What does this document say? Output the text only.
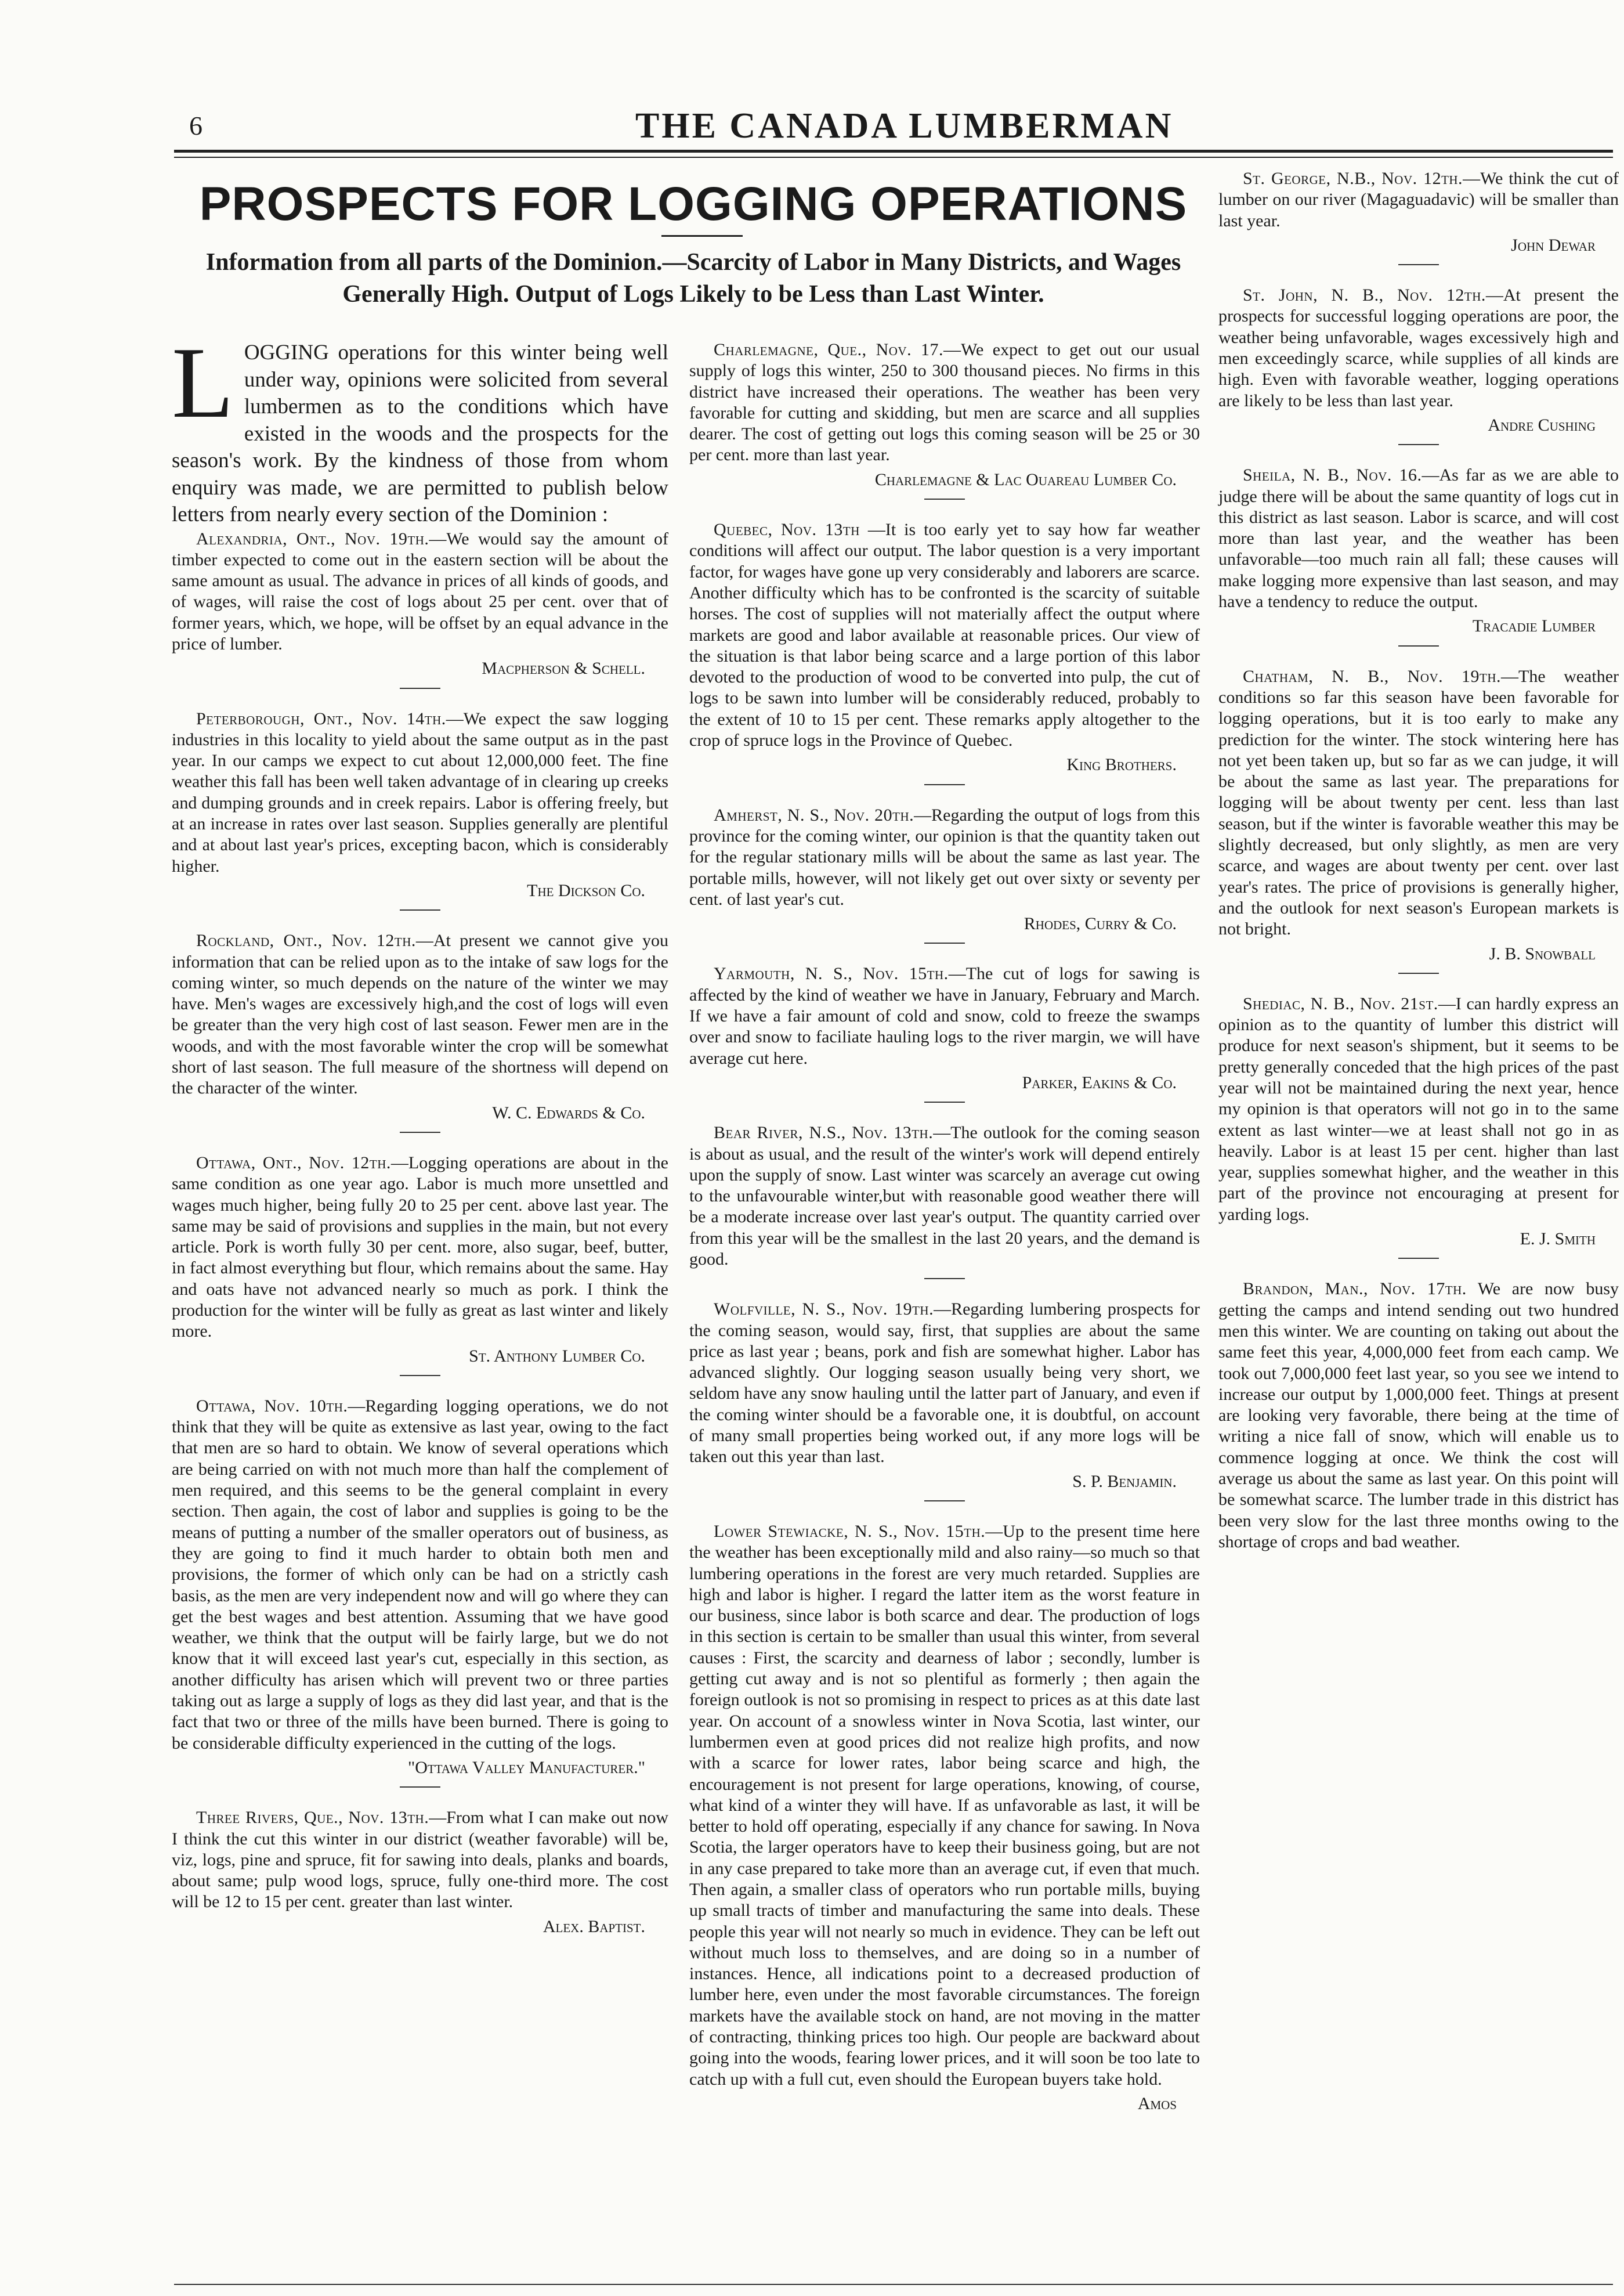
6	THE CANADA LUMBERMAN
PROSPECTS FOR LOGGING OPERATIONS
Information from all parts of the Dominion.—Scarcity of Labor in Many Districts, and Wages Generally High. Output of Logs Likely to be Less than Last Winter.

LOGGING operations for this winter being well under way, opinions were solicited from several lumbermen as to the conditions which have existed in the woods and the prospects for the season's work. By the kindness of those from whom enquiry was made, we are permitted to publish below letters from nearly every section of the Dominion :

Alexandria, Ont., Nov. 19th.—We would say the amount of timber expected to come out in the eastern section will be about the same amount as usual. The advance in prices of all kinds of goods, and of wages, will raise the cost of logs about 25 per cent. over that of former years, which, we hope, will be offset by an equal advance in the price of lumber.

Macpherson & Schell.

Peterborough, Ont., Nov. 14th.—We expect the saw logging industries in this locality to yield about the same output as in the past year. In our camps we expect to cut about 12,000,000 feet. The fine weather this fall has been well taken advantage of in clearing up creeks and dumping grounds and in creek repairs. Labor is offering freely, but at an increase in rates over last season. Supplies generally are plentiful and at about last year's prices, excepting bacon, which is considerably higher.

The Dickson Co.

Rockland, Ont., Nov. 12th.—At present we cannot give you information that can be relied upon as to the intake of saw logs for the coming winter, so much depends on the nature of the winter we may have. Men's wages are excessively high,and the cost of logs will even be greater than the very high cost of last season. Fewer men are in the woods, and with the most favorable winter the crop will be somewhat short of last season. The full measure of the shortness will depend on the character of the winter.

W. C. Edwards & Co.

Ottawa, Ont., Nov. 12th.—Logging operations are about in the same condition as one year ago. Labor is much more unsettled and wages much higher, being fully 20 to 25 per cent. above last year. The same may be said of provisions and supplies in the main, but not every article. Pork is worth fully 30 per cent. more, also sugar, beef, butter, in fact almost everything but flour, which remains about the same. Hay and oats have not advanced nearly so much as pork. I think the production for the winter will be fully as great as last winter and likely more.

St. Anthony Lumber Co.

Ottawa, Nov. 10th.—Regarding logging operations, we do not think that they will be quite as extensive as last year, owing to the fact that men are so hard to obtain. We know of several operations which are being carried on with not much more than half the complement of men required, and this seems to be the general complaint in every section. Then again, the cost of labor and supplies is going to be the means of putting a number of the smaller operators out of business, as they are going to find it much harder to obtain both men and provisions, the former of which only can be had on a strictly cash basis, as the men are very independent now and will go where they can get the best wages and best attention. Assuming that we have good weather, we think that the output will be fairly large, but we do not know that it will exceed last year's cut, especially in this section, as another difficulty has arisen which will prevent two or three parties taking out as large a supply of logs as they did last year, and that is the fact that two or three of the mills have been burned. There is going to be considerable difficulty experienced in the cutting of the logs.

"Ottawa Valley Manufacturer."

Three Rivers, Que., Nov. 13th.—From what I can make out now I think the cut this winter in our district (weather favorable) will be, viz, logs, pine and spruce, fit for sawing into deals, planks and boards, about same; pulp wood logs, spruce, fully one-third more. The cost will be 12 to 15 per cent. greater than last winter.

Alex. Baptist.

Charlemagne, Que., Nov. 17.—We expect to get out our usual supply of logs this winter, 250 to 300 thousand pieces. No firms in this district have increased their operations. The weather has been very favorable for cutting and skidding, but men are scarce and all supplies dearer. The cost of getting out logs this coming season will be 25 or 30 per cent. more than last year.

Charlemagne & Lac Ouareau Lumber Co.

Quebec, Nov. 13th —It is too early yet to say how far weather conditions will affect our output. The labor question is a very important factor, for wages have gone up very considerably and laborers are scarce. Another difficulty which has to be confronted is the scarcity of suitable horses. The cost of supplies will not materially affect the output where markets are good and labor available at reasonable prices. Our view of the situation is that labor being scarce and a large portion of this labor devoted to the production of wood to be converted into pulp, the cut of logs to be sawn into lumber will be considerably reduced, probably to the extent of 10 to 15 per cent. These remarks apply altogether to the crop of spruce logs in the Province of Quebec.

King Brothers.

Amherst, N. S., Nov. 20th.—Regarding the output of logs from this province for the coming winter, our opinion is that the quantity taken out for the regular stationary mills will be about the same as last year. The portable mills, however, will not likely get out over sixty or seventy per cent. of last year's cut.

Rhodes, Curry & Co.

Yarmouth, N. S., Nov. 15th.—The cut of logs for sawing is affected by the kind of weather we have in January, February and March. If we have a fair amount of cold and snow, cold to freeze the swamps over and snow to faciliate hauling logs to the river margin, we will have average cut here.

Parker, Eakins & Co.

Bear River, N.S., Nov. 13th.—The outlook for the coming season is about as usual, and the result of the winter's work will depend entirely upon the supply of snow. Last winter was scarcely an average cut owing to the unfavourable winter,but with reasonable good weather there will be a moderate increase over last year's output. The quantity carried over from this year will be the smallest in the last 20 years, and the demand is good.

Wolfville, N. S., Nov. 19th.—Regarding lumbering prospects for the coming season, would say, first, that supplies are about the same price as last year ; beans, pork and fish are somewhat higher. Labor has advanced slightly. Our logging season usually being very short, we seldom have any snow hauling until the latter part of January, and even if the coming winter should be a favorable one, it is doubtful, on account of many small properties being worked out, if any more logs will be taken out this year than last.

S. P. Benjamin.

Lower Stewiacke, N. S., Nov. 15th.—Up to the present time here the weather has been exceptionally mild and also rainy—so much so that lumbering operations in the forest are very much retarded. Supplies are high and labor is higher. I regard the latter item as the worst feature in our business, since labor is both scarce and dear. The production of logs in this section is certain to be smaller than usual this winter, from several causes : First, the scarcity and dearness of labor ; secondly, lumber is getting cut away and is not so plentiful as formerly ; then again the foreign outlook is not so promising in respect to prices as at this date last year. On account of a snowless winter in Nova Scotia, last winter, our lumbermen even at good prices did not realize high profits, and now with a scarce for lower rates, labor being scarce and high, the encouragement is not present for large operations, knowing, of course, what kind of a winter they will have. If as unfavorable as last, it will be better to hold off operating, especially if any chance for sawing. In Nova Scotia, the larger operators have to keep their business going, but are not in any case prepared to take more than an average cut, if even that much. Then again, a smaller class of operators who run portable mills, buying up small tracts of timber and manufacturing the same into deals. These people this year will not nearly so much in evidence. They can be left out without much loss to themselves, and are doing so in a number of instances. Hence, all indications point to a decreased production of lumber here, even under the most favorable circumstances. The foreign markets have the available stock on hand, are not moving in the matter of contracting, thinking prices too high. Our people are backward about going into the woods, fearing lower prices, and it will soon be too late to catch up with a full cut, even should the European buyers take hold.

Amos

St. George, N.B., Nov. 12th.—We think the cut of lumber on our river (Magaguadavic) will be smaller than last year.

John Dewar

St. John, N. B., Nov. 12th.—At present the prospects for successful logging operations are poor, the weather being unfavorable, wages excessively high and men exceedingly scarce, while supplies of all kinds are high. Even with favorable weather, logging operations are likely to be less than last year.

Andre Cushing

Sheila, N. B., Nov. 16.—As far as we are able to judge there will be about the same quantity of logs cut in this district as last season. Labor is scarce, and will cost more than last year, and the weather has been unfavorable—too much rain all fall; these causes will make logging more expensive than last season, and may have a tendency to reduce the output.

Tracadie Lumber

Chatham, N. B., Nov. 19th.—The weather conditions so far this season have been favorable for logging operations, but it is too early to make any prediction for the winter. The stock wintering here has not yet been taken up, but so far as we can judge, it will be about the same as last year. The preparations for logging will be about twenty per cent. less than last season, but if the winter is favorable weather this may be slightly decreased, but only slightly, as men are very scarce, and wages are about twenty per cent. over last year's rates. The price of provisions is generally higher, and the outlook for next season's European markets is not bright.

J. B. Snowball

Shediac, N. B., Nov. 21st.—I can hardly express an opinion as to the quantity of lumber this district will produce for next season's shipment, but it seems to be pretty generally conceded that the high prices of the past year will not be maintained during the next year, hence my opinion is that operators will not go in to the same extent as last winter—we at least shall not go in as heavily. Labor is at least 15 per cent. higher than last year, supplies somewhat higher, and the weather in this part of the province not encouraging at present for yarding logs.

E. J. Smith

Brandon, Man., Nov. 17th. We are now busy getting the camps and intend sending out two hundred men this winter. We are counting on taking out about the same feet this year, 4,000,000 feet from each camp. We took out 7,000,000 feet last year, so you see we intend to increase our output by 1,000,000 feet. Things at present are looking very favorable, there being at the time of writing a nice fall of snow, which will enable us to commence logging at once. We think the cost will average us about the same as last year. On this point will be somewhat scarce. The lumber trade in this district has been very slow for the last three months owing to the shortage of crops and bad weather.
